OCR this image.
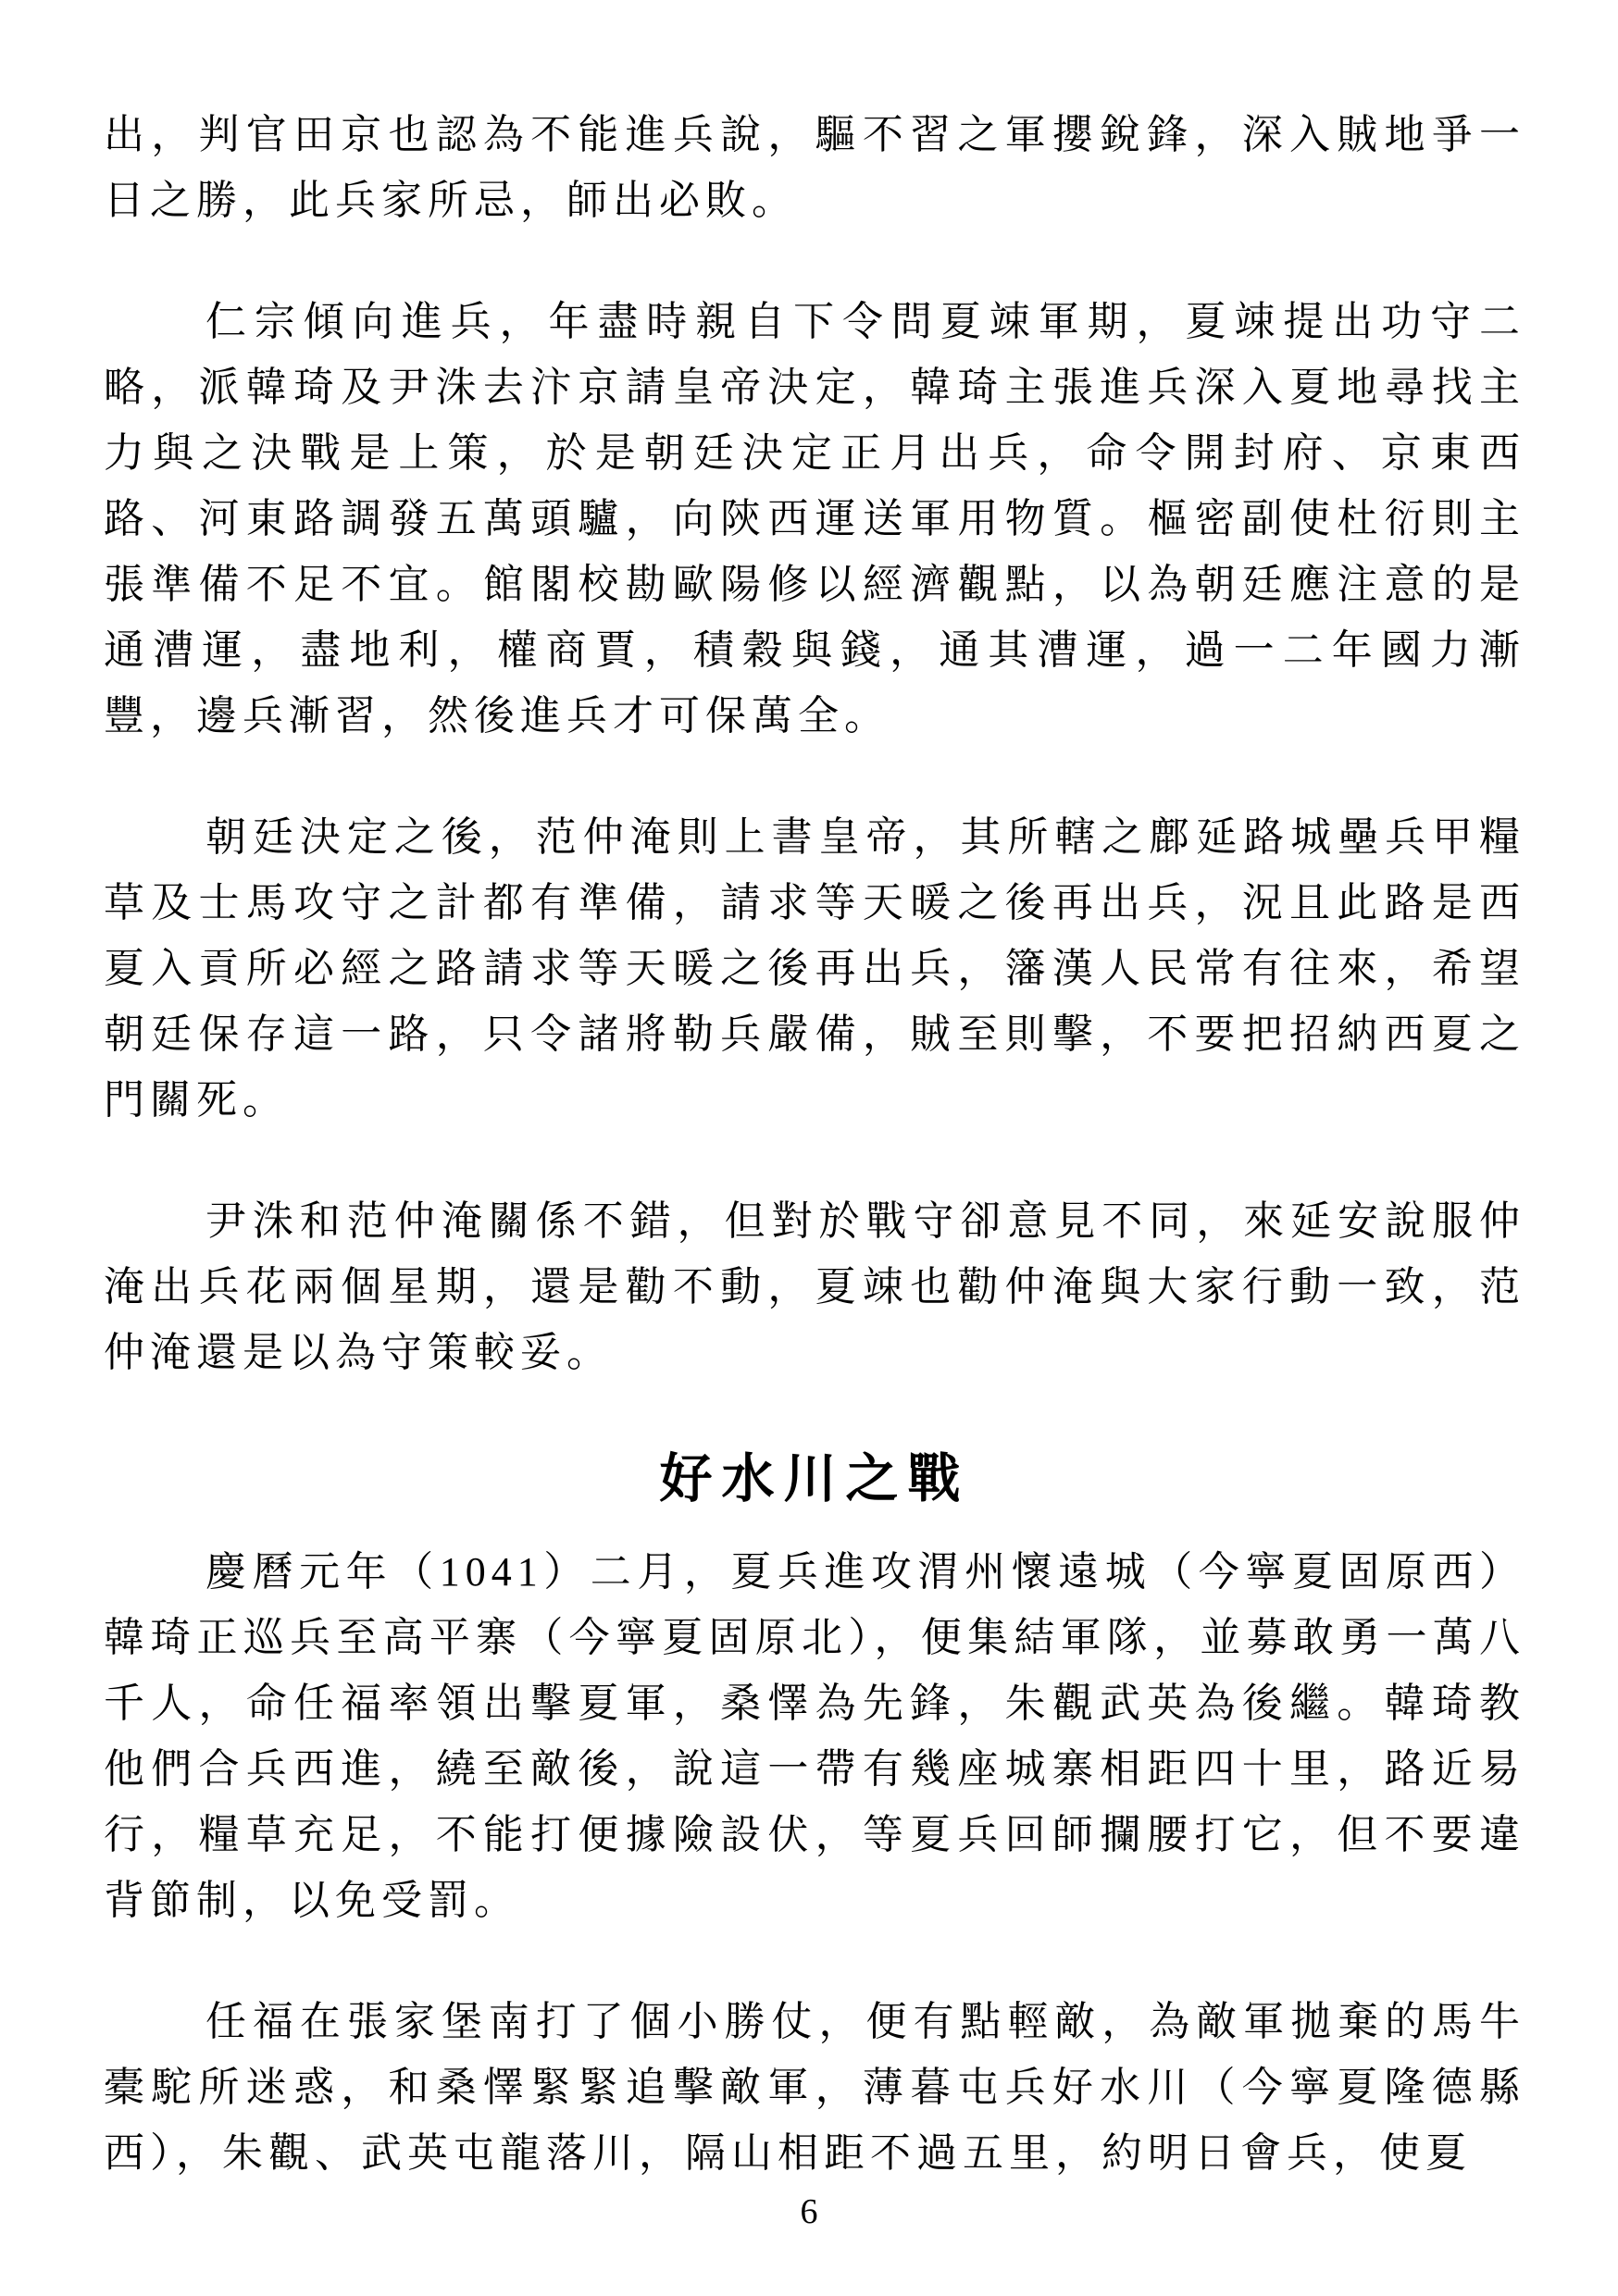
出，判官田京也認為不能進兵說，驅不習之軍攖銳鋒，深入賊地爭一日之勝，此兵家所忌，師出必敗。

仁宗傾向進兵，年盡時親自下令問夏竦軍期，夏竦提出功守二略，派韓琦及尹洙去汴京請皇帝決定，韓琦主張進兵深入夏地尋找主力與之決戰是上策，於是朝廷決定正月出兵，命令開封府、京東西路、河東路調發五萬頭驢，向陝西運送軍用物質。樞密副使杜衍則主張準備不足不宜。館閣校勘歐陽修以經濟觀點，以為朝廷應注意的是通漕運，盡地利，權商賈，積穀與錢，通其漕運，過一二年國力漸豐，邊兵漸習，然後進兵才可保萬全。

朝廷決定之後，范仲淹則上書皇帝，其所轄之鄜延路城壘兵甲糧草及士馬攻守之計都有準備，請求等天暖之後再出兵，況且此路是西夏入貢所必經之路請求等天暖之後再出兵，籓漢人民常有往來，希望朝廷保存這一路，只令諸將勒兵嚴備，賊至則擊，不要把招納西夏之門關死。

尹洙和范仲淹關係不錯，但對於戰守卻意見不同，來延安說服仲淹出兵花兩個星期，還是勸不動，夏竦也勸仲淹與大家行動一致，范仲淹還是以為守策較妥。

好水川之戰

慶曆元年（1041）二月，夏兵進攻渭州懷遠城（今寧夏固原西）韓琦正巡兵至高平寨（今寧夏固原北），便集結軍隊，並募敢勇一萬八千人，命任福率領出擊夏軍，桑懌為先鋒，朱觀武英為後繼。韓琦教他們合兵西進，繞至敵後，說這一帶有幾座城寨相距四十里，路近易行，糧草充足，不能打便據險設伏，等夏兵回師攔腰打它，但不要違背節制，以免受罰。

任福在張家堡南打了個小勝仗，便有點輕敵，為敵軍拋棄的馬牛橐駝所迷惑，和桑懌緊緊追擊敵軍，薄暮屯兵好水川（今寧夏隆德縣西），朱觀、武英屯龍落川，隔山相距不過五里，約明日會兵，使夏

6
